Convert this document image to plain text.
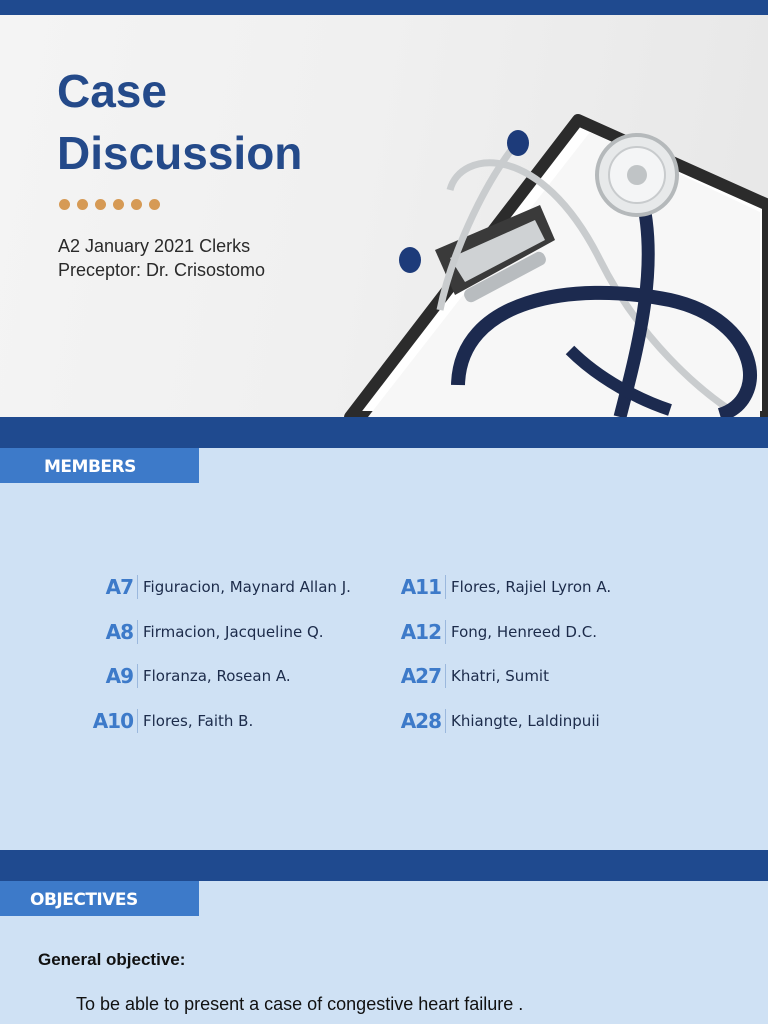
Case
Discussion
A2 January 2021 Clerks
Preceptor: Dr. Crisostomo
MEMBERS
A7 Figuracion, Maynard Allan J.
A8 Firmacion, Jacqueline Q.
A9 Floranza, Rosean A.
A10 Flores, Faith B.
A11 Flores, Rajiel Lyron A.
A12 Fong, Henreed D.C.
A27 Khatri, Sumit
A28 Khiangte, Laldinpuii
OBJECTIVES
General objective:
To be able to present a case of congestive heart failure .
